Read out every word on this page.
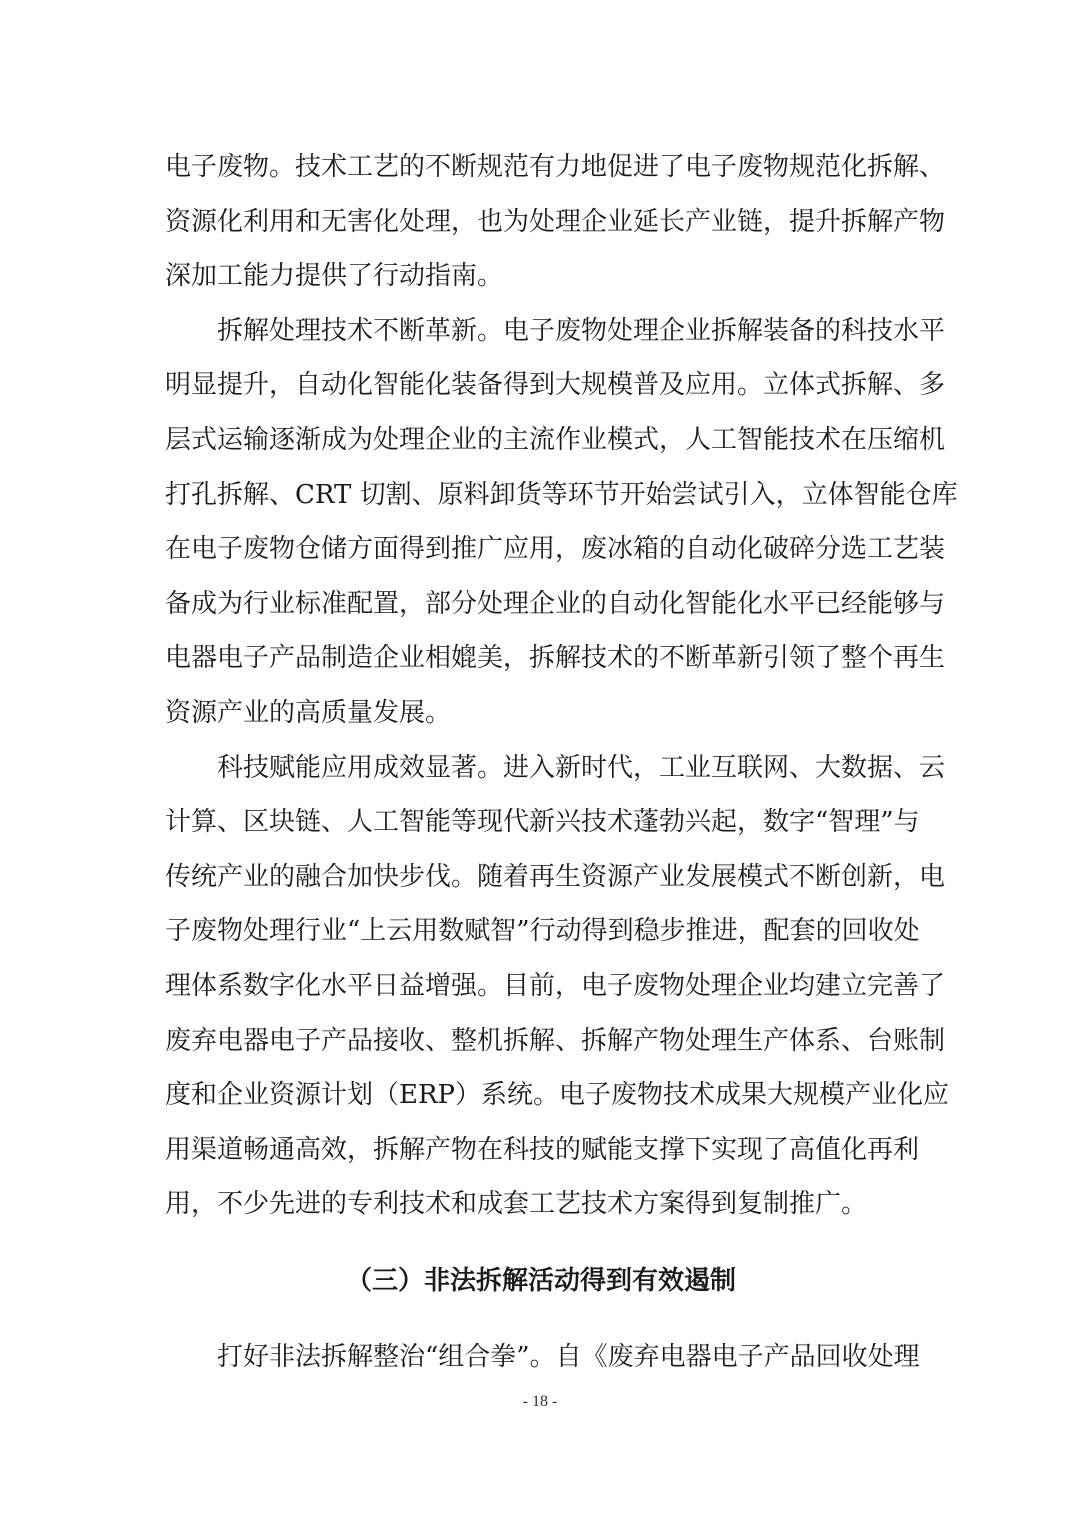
电子废物。技术工艺的不断规范有力地促进了电子废物规范化拆解、
资源化利用和无害化处理，也为处理企业延长产业链，提升拆解产物
深加工能力提供了行动指南。
拆解处理技术不断革新。电子废物处理企业拆解装备的科技水平
明显提升，自动化智能化装备得到大规模普及应用。立体式拆解、多
层式运输逐渐成为处理企业的主流作业模式，人工智能技术在压缩机
打孔拆解、CRT 切割、原料卸货等环节开始尝试引入，立体智能仓库
在电子废物仓储方面得到推广应用，废冰箱的自动化破碎分选工艺装
备成为行业标准配置，部分处理企业的自动化智能化水平已经能够与
电器电子产品制造企业相媲美，拆解技术的不断革新引领了整个再生
资源产业的高质量发展。
科技赋能应用成效显著。进入新时代，工业互联网、大数据、云
计算、区块链、人工智能等现代新兴技术蓬勃兴起，数字“智理”与
传统产业的融合加快步伐。随着再生资源产业发展模式不断创新，电
子废物处理行业“上云用数赋智”行动得到稳步推进，配套的回收处
理体系数字化水平日益增强。目前，电子废物处理企业均建立完善了
废弃电器电子产品接收、整机拆解、拆解产物处理生产体系、台账制
度和企业资源计划（ERP）系统。电子废物技术成果大规模产业化应
用渠道畅通高效，拆解产物在科技的赋能支撑下实现了高值化再利
用，不少先进的专利技术和成套工艺技术方案得到复制推广。
（三）非法拆解活动得到有效遏制
打好非法拆解整治“组合拳”。自《废弃电器电子产品回收处理
- 18 -
